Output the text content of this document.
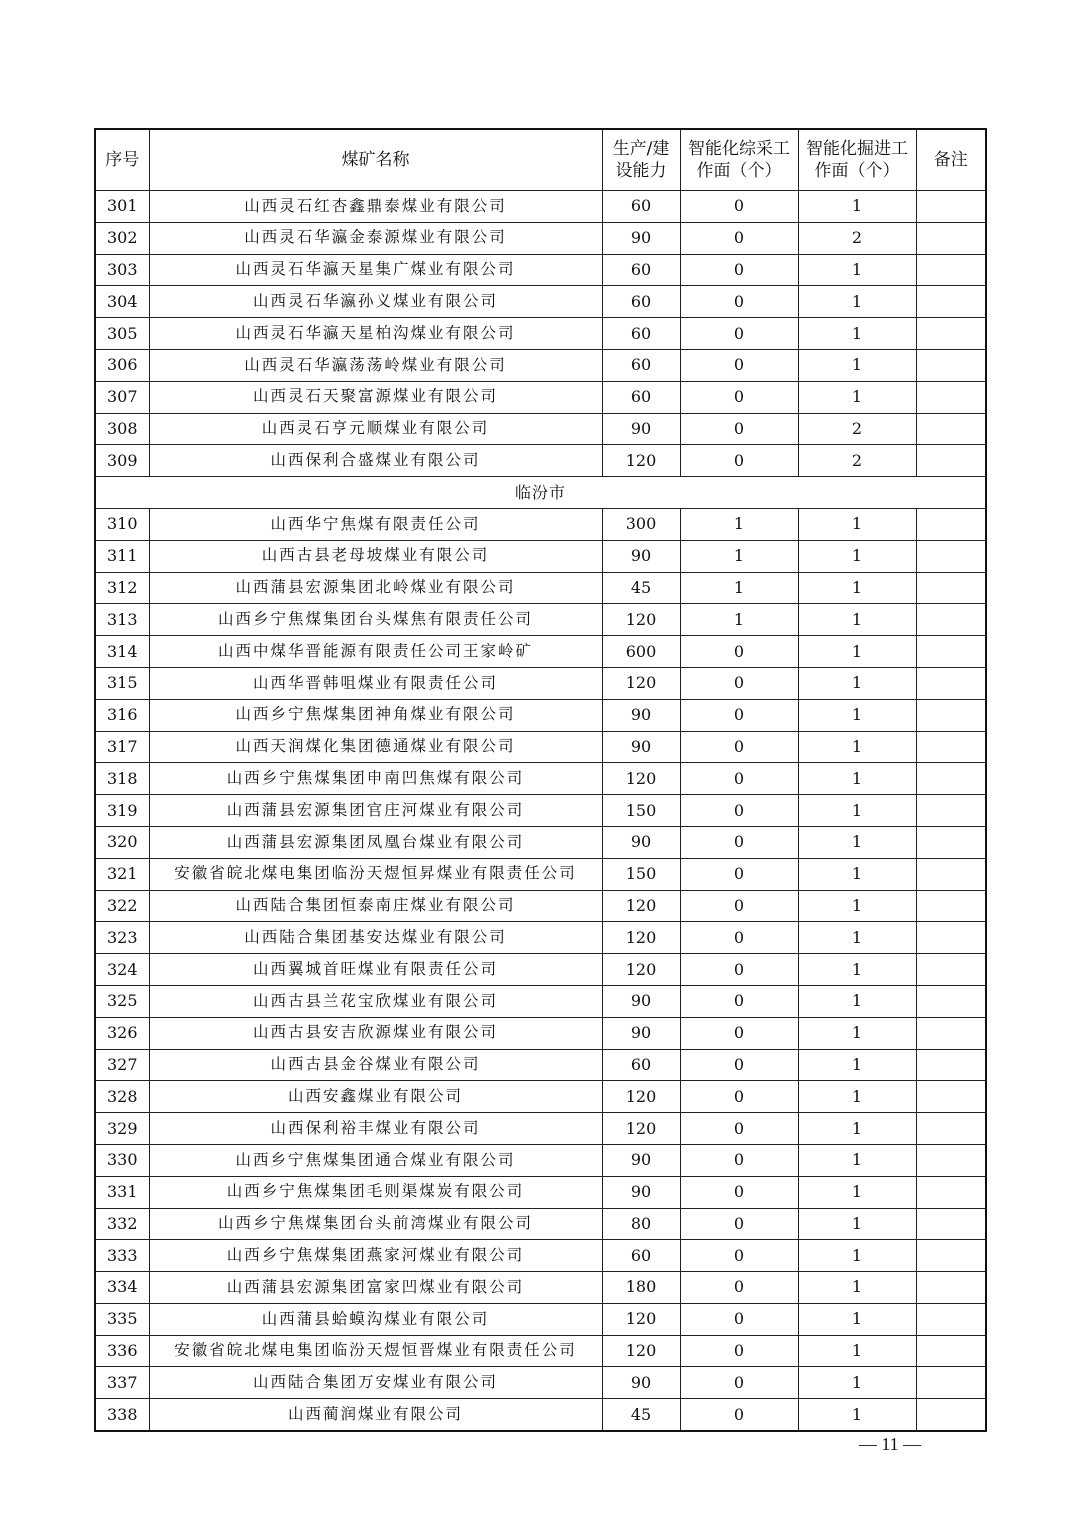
序号	煤矿名称	生产/建设能力	智能化综采工作面（个）	智能化掘进工作面（个）	备注
301	山西灵石红杏鑫鼎泰煤业有限公司	60	0	1	
302	山西灵石华瀛金泰源煤业有限公司	90	0	2	
303	山西灵石华瀛天星集广煤业有限公司	60	0	1	
304	山西灵石华瀛孙义煤业有限公司	60	0	1	
305	山西灵石华瀛天星柏沟煤业有限公司	60	0	1	
306	山西灵石华瀛荡荡岭煤业有限公司	60	0	1	
307	山西灵石天聚富源煤业有限公司	60	0	1	
308	山西灵石亨元顺煤业有限公司	90	0	2	
309	山西保利合盛煤业有限公司	120	0	2	
临汾市					
310	山西华宁焦煤有限责任公司	300	1	1	
311	山西古县老母坡煤业有限公司	90	1	1	
312	山西蒲县宏源集团北岭煤业有限公司	45	1	1	
313	山西乡宁焦煤集团台头煤焦有限责任公司	120	1	1	
314	山西中煤华晋能源有限责任公司王家岭矿	600	0	1	
315	山西华晋韩咀煤业有限责任公司	120	0	1	
316	山西乡宁焦煤集团神角煤业有限公司	90	0	1	
317	山西天润煤化集团德通煤业有限公司	90	0	1	
318	山西乡宁焦煤集团申南凹焦煤有限公司	120	0	1	
319	山西蒲县宏源集团官庄河煤业有限公司	150	0	1	
320	山西蒲县宏源集团凤凰台煤业有限公司	90	0	1	
321	安徽省皖北煤电集团临汾天煜恒昇煤业有限责任公司	150	0	1	
322	山西陆合集团恒泰南庄煤业有限公司	120	0	1	
323	山西陆合集团基安达煤业有限公司	120	0	1	
324	山西翼城首旺煤业有限责任公司	120	0	1	
325	山西古县兰花宝欣煤业有限公司	90	0	1	
326	山西古县安吉欣源煤业有限公司	90	0	1	
327	山西古县金谷煤业有限公司	60	0	1	
328	山西安鑫煤业有限公司	120	0	1	
329	山西保利裕丰煤业有限公司	120	0	1	
330	山西乡宁焦煤集团通合煤业有限公司	90	0	1	
331	山西乡宁焦煤集团毛则渠煤炭有限公司	90	0	1	
332	山西乡宁焦煤集团台头前湾煤业有限公司	80	0	1	
333	山西乡宁焦煤集团燕家河煤业有限公司	60	0	1	
334	山西蒲县宏源集团富家凹煤业有限公司	180	0	1	
335	山西蒲县蛤蟆沟煤业有限公司	120	0	1	
336	安徽省皖北煤电集团临汾天煜恒晋煤业有限责任公司	120	0	1	
337	山西陆合集团万安煤业有限公司	90	0	1	
338	山西蔺润煤业有限公司	45	0	1	
— 11 —
